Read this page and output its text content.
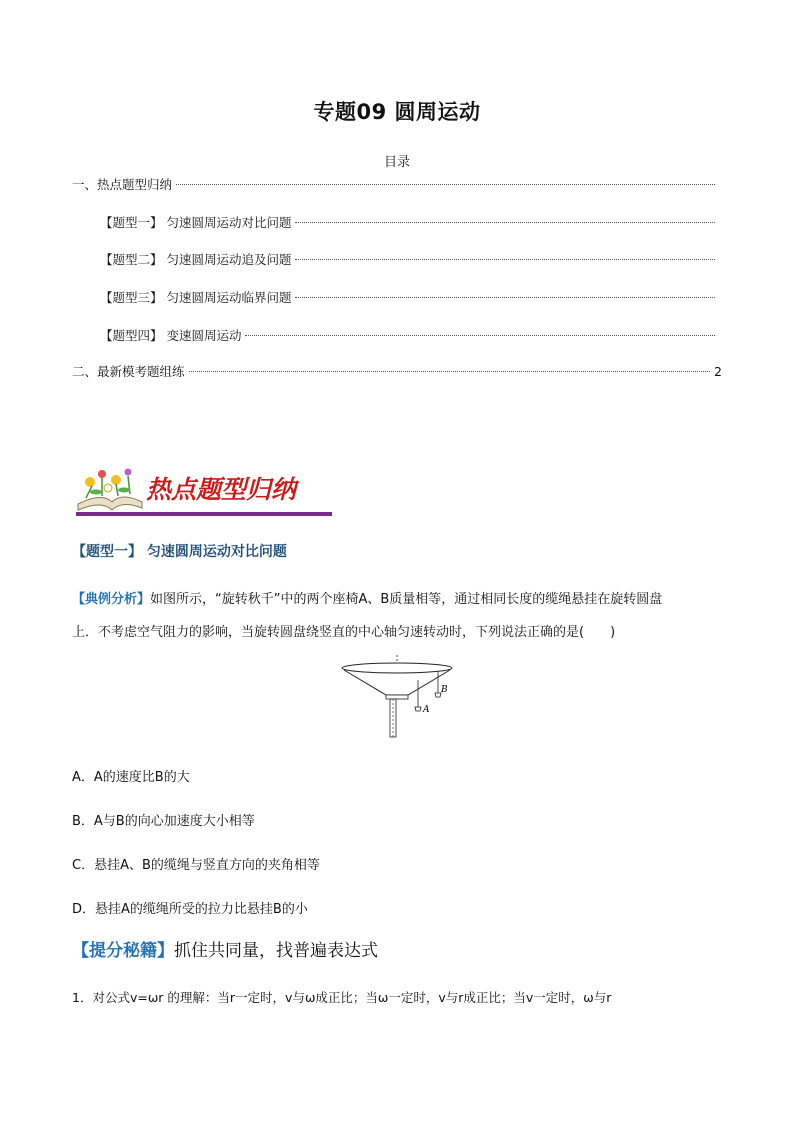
专题09 圆周运动
目录
一、热点题型归纳
【题型一】 匀速圆周运动对比问题
【题型二】 匀速圆周运动追及问题
【题型三】 匀速圆周运动临界问题
【题型四】 变速圆周运动
二、最新模考题组练	2
热点题型归纳
【题型一】 匀速圆周运动对比问题
【典例分析】如图所示，“旋转秋千”中的两个座椅A、B质量相等，通过相同长度的缆绳悬挂在旋转圆盘
上．不考虑空气阻力的影响，当旋转圆盘绕竖直的中心轴匀速转动时，下列说法正确的是(　　)
A
B
A．A的速度比B的大
B．A与B的向心加速度大小相等
C．悬挂A、B的缆绳与竖直方向的夹角相等
D．悬挂A的缆绳所受的拉力比悬挂B的小
【提分秘籍】抓住共同量，找普遍表达式
1．对公式v=ωr 的理解：当r一定时，v与ω成正比；当ω一定时，v与r成正比；当v一定时，ω与r
